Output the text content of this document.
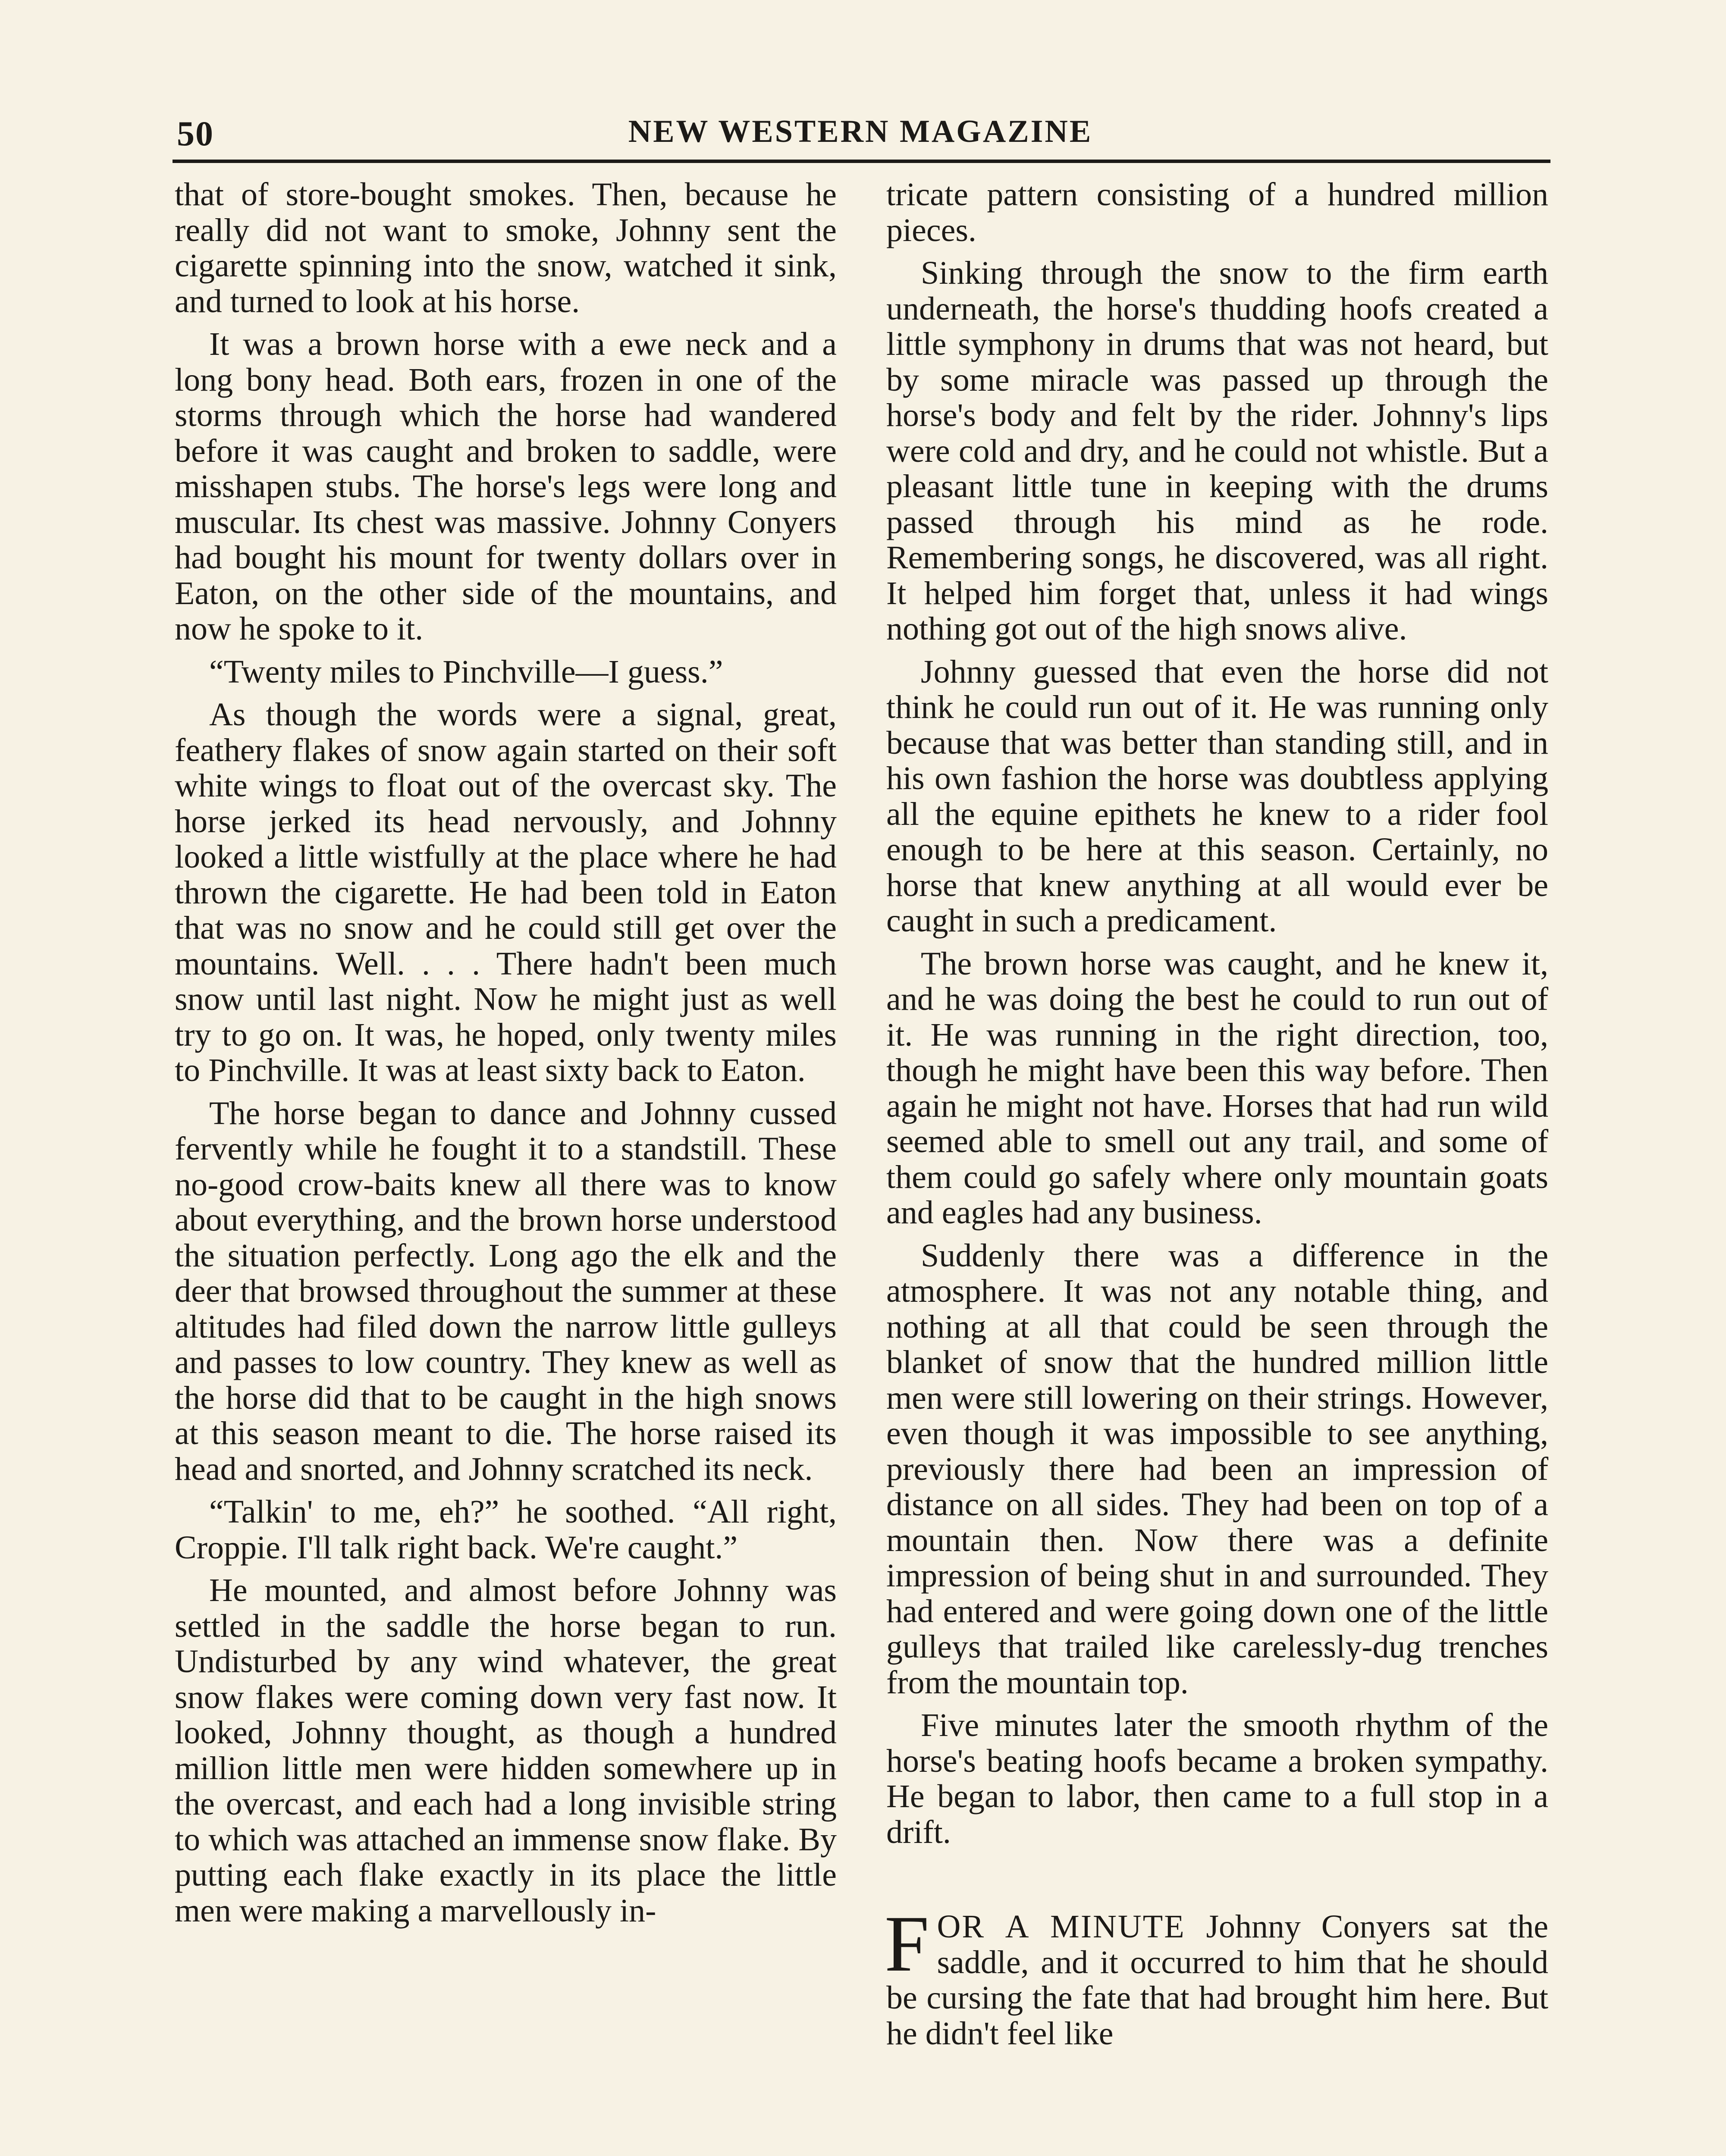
50	NEW WESTERN MAGAZINE

that of store-bought smokes. Then, because he really did not want to smoke, Johnny sent the cigarette spinning into the snow, watched it sink, and turned to look at his horse.

It was a brown horse with a ewe neck and a long bony head. Both ears, frozen in one of the storms through which the horse had wandered before it was caught and broken to saddle, were misshapen stubs. The horse's legs were long and muscular. Its chest was massive. Johnny Conyers had bought his mount for twenty dollars over in Eaton, on the other side of the mountains, and now he spoke to it.

“Twenty miles to Pinchville—I guess.”

As though the words were a signal, great, feathery flakes of snow again started on their soft white wings to float out of the overcast sky. The horse jerked its head nervously, and Johnny looked a little wistfully at the place where he had thrown the cigarette. He had been told in Eaton that was no snow and he could still get over the mountains. Well. . . . There hadn't been much snow until last night. Now he might just as well try to go on. It was, he hoped, only twenty miles to Pinchville. It was at least sixty back to Eaton.

The horse began to dance and Johnny cussed fervently while he fought it to a standstill. These no-good crow-baits knew all there was to know about everything, and the brown horse understood the situation perfectly. Long ago the elk and the deer that browsed throughout the summer at these altitudes had filed down the narrow little gulleys and passes to low country. They knew as well as the horse did that to be caught in the high snows at this season meant to die. The horse raised its head and snorted, and Johnny scratched its neck.

“Talkin' to me, eh?” he soothed. “All right, Croppie. I'll talk right back. We're caught.”

He mounted, and almost before Johnny was settled in the saddle the horse began to run. Undisturbed by any wind whatever, the great snow flakes were coming down very fast now. It looked, Johnny thought, as though a hundred million little men were hidden somewhere up in the overcast, and each had a long invisible string to which was attached an immense snow flake. By putting each flake exactly in its place the little men were making a marvellously in-

tricate pattern consisting of a hundred million pieces.

Sinking through the snow to the firm earth underneath, the horse's thudding hoofs created a little symphony in drums that was not heard, but by some miracle was passed up through the horse's body and felt by the rider. Johnny's lips were cold and dry, and he could not whistle. But a pleasant little tune in keeping with the drums passed through his mind as he rode. Remembering songs, he discovered, was all right. It helped him forget that, unless it had wings nothing got out of the high snows alive.

Johnny guessed that even the horse did not think he could run out of it. He was running only because that was better than standing still, and in his own fashion the horse was doubtless applying all the equine epithets he knew to a rider fool enough to be here at this season. Certainly, no horse that knew anything at all would ever be caught in such a predicament.

The brown horse was caught, and he knew it, and he was doing the best he could to run out of it. He was running in the right direction, too, though he might have been this way before. Then again he might not have. Horses that had run wild seemed able to smell out any trail, and some of them could go safely where only mountain goats and eagles had any business.

Suddenly there was a difference in the atmosphere. It was not any notable thing, and nothing at all that could be seen through the blanket of snow that the hundred million little men were still lowering on their strings. However, even though it was impossible to see anything, previously there had been an impression of distance on all sides. They had been on top of a mountain then. Now there was a definite impression of being shut in and surrounded. They had entered and were going down one of the little gulleys that trailed like carelessly-dug trenches from the mountain top.

Five minutes later the smooth rhythm of the horse's beating hoofs became a broken sympathy. He began to labor, then came to a full stop in a drift.

FOR A MINUTE Johnny Conyers sat the saddle, and it occurred to him that he should be cursing the fate that had brought him here. But he didn't feel like
